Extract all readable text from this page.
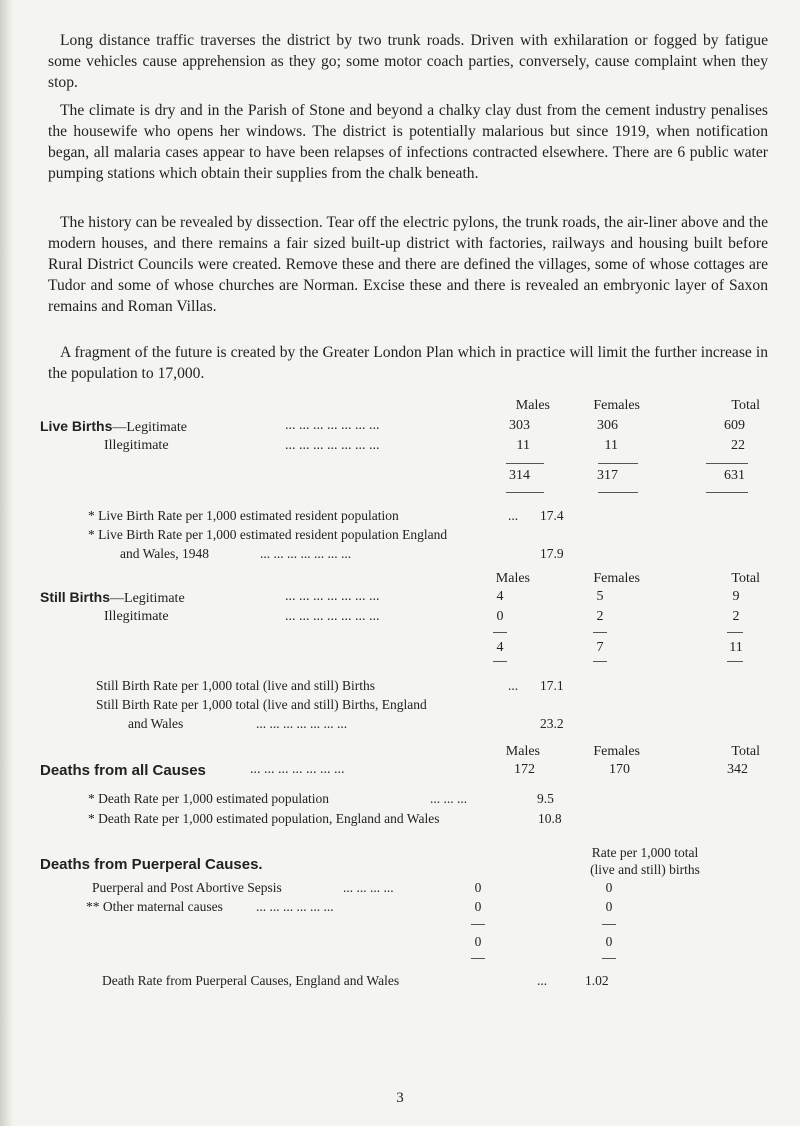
Long distance traffic traverses the district by two trunk roads. Driven with exhilaration or fogged by fatigue some vehicles cause apprehension as they go; some motor coach parties, conversely, cause complaint when they stop.

The climate is dry and in the Parish of Stone and beyond a chalky clay dust from the cement industry penalises the housewife who opens her windows. The district is potentially malarious but since 1919, when notification began, all malaria cases appear to have been relapses of infections contracted elsewhere. There are 6 public water pumping stations which obtain their supplies from the chalk beneath.

The history can be revealed by dissection. Tear off the electric pylons, the trunk roads, the air-liner above and the modern houses, and there remains a fair sized built-up district with factories, railways and housing built before Rural District Councils were created. Remove these and there are defined the villages, some of whose cottages are Tudor and some of whose churches are Norman. Excise these and there is revealed an embryonic layer of Saxon remains and Roman Villas.

A fragment of the future is created by the Greater London Plan which in practice will limit the further increase in the population to 17,000.

Males	Females	Total
Live Births—Legitimate	... ... ... ... ... ... ...	303	306	609
Illegitimate	... ... ... ... ... ... ...	11	11	22
314	317	631
* Live Birth Rate per 1,000 estimated resident population	... 17.4
* Live Birth Rate per 1,000 estimated resident population England
and Wales, 1948	... ... ... ... ... ... ...	17.9
Males	Females	Total
Still Births—Legitimate	... ... ... ... ... ... ...	4	5	9
Illegitimate	... ... ... ... ... ... ...	0	2	2
4	7	11
Still Birth Rate per 1,000 total (live and still) Births	... 17.1
Still Birth Rate per 1,000 total (live and still) Births, England
and Wales	... ... ... ... ... ... ...	23.2
Males	Females	Total
Deaths from all Causes	... ... ... ... ... ... ...	172	170	342
* Death Rate per 1,000 estimated population	... ... ...	9.5
* Death Rate per 1,000 estimated population, England and Wales	10.8
Rate per 1,000 total
(live and still) births
Deaths from Puerperal Causes.
Puerperal and Post Abortive Sepsis	... ... ... ...	0	0
** Other maternal causes ... ... ... ... ... ...	0	0
0	0
Death Rate from Puerperal Causes, England and Wales	...	1.02
3
